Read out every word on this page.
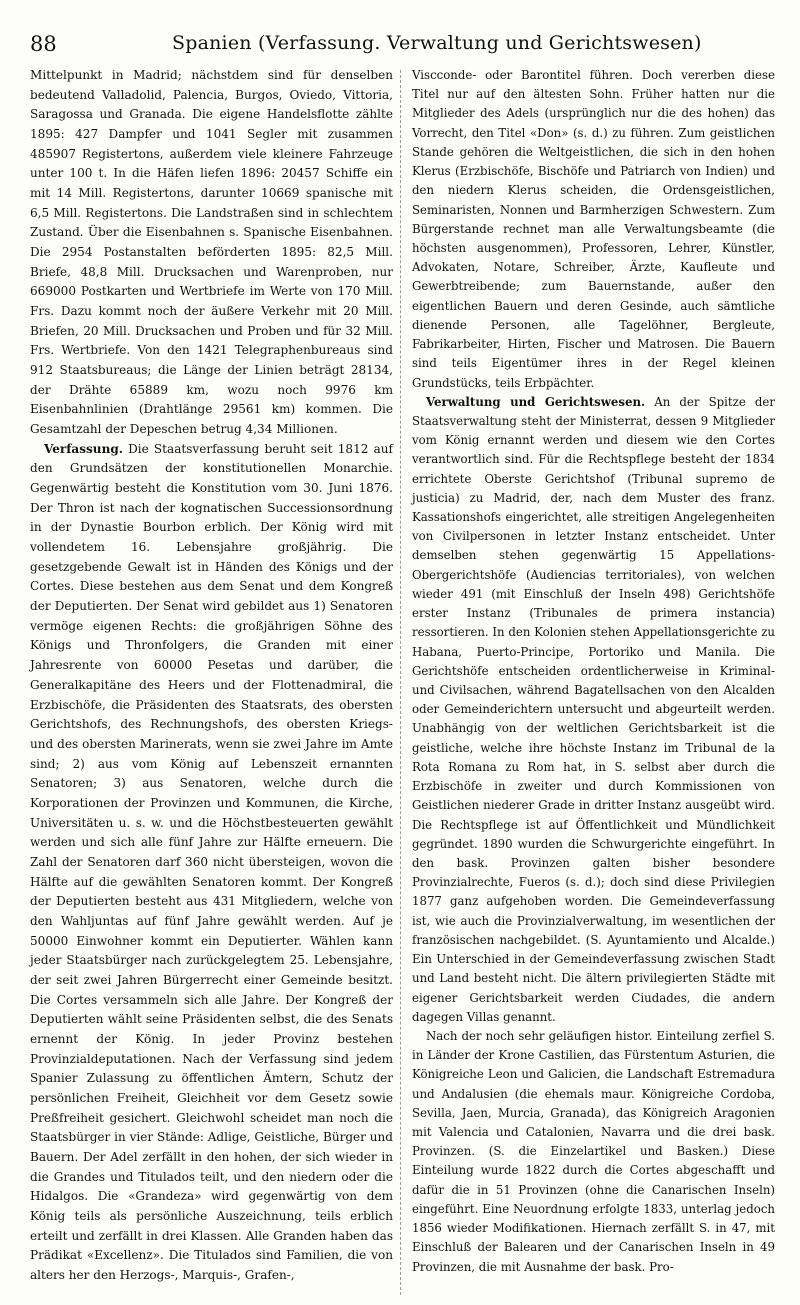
88	Spanien (Verfassung. Verwaltung und Gerichtswesen)

Mittelpunkt in Madrid; nächstdem sind für denselben bedeutend Valladolid, Palencia, Burgos, Oviedo, Vittoria, Saragossa und Granada. Die eigene Handelsflotte zählte 1895: 427 Dampfer und 1041 Segler mit zusammen 485907 Registertons, außerdem viele kleinere Fahrzeuge unter 100 t. In die Häfen liefen 1896: 20457 Schiffe ein mit 14 Mill. Registertons, darunter 10669 spanische mit 6,5 Mill. Registertons. Die Landstraßen sind in schlechtem Zustand. Über die Eisenbahnen s. Spanische Eisenbahnen. Die 2954 Postanstalten beförderten 1895: 82,5 Mill. Briefe, 48,8 Mill. Drucksachen und Warenproben, nur 669000 Postkarten und Wertbriefe im Werte von 170 Mill. Frs. Dazu kommt noch der äußere Verkehr mit 20 Mill. Briefen, 20 Mill. Drucksachen und Proben und für 32 Mill. Frs. Wertbriefe. Von den 1421 Telegraphenbureaus sind 912 Staatsbureaus; die Länge der Linien beträgt 28134, der Drähte 65889 km, wozu noch 9976 km Eisenbahnlinien (Drahtlänge 29561 km) kommen. Die Gesamtzahl der Depeschen betrug 4,34 Millionen.

Verfassung. Die Staatsverfassung beruht seit 1812 auf den Grundsätzen der konstitutionellen Monarchie. Gegenwärtig besteht die Konstitution vom 30. Juni 1876. Der Thron ist nach der kognatischen Successionsordnung in der Dynastie Bourbon erblich. Der König wird mit vollendetem 16. Lebensjahre großjährig. Die gesetzgebende Gewalt ist in Händen des Königs und der Cortes. Diese bestehen aus dem Senat und dem Kongreß der Deputierten. Der Senat wird gebildet aus 1) Senatoren vermöge eigenen Rechts: die großjährigen Söhne des Königs und Thronfolgers, die Granden mit einer Jahresrente von 60000 Pesetas und darüber, die Generalkapitäne des Heers und der Flottenadmiral, die Erzbischöfe, die Präsidenten des Staatsrats, des obersten Gerichtshofs, des Rechnungshofs, des obersten Kriegs- und des obersten Marinerats, wenn sie zwei Jahre im Amte sind; 2) aus vom König auf Lebenszeit ernannten Senatoren; 3) aus Senatoren, welche durch die Korporationen der Provinzen und Kommunen, die Kirche, Universitäten u. s. w. und die Höchstbesteuerten gewählt werden und sich alle fünf Jahre zur Hälfte erneuern. Die Zahl der Senatoren darf 360 nicht übersteigen, wovon die Hälfte auf die gewählten Senatoren kommt. Der Kongreß der Deputierten besteht aus 431 Mitgliedern, welche von den Wahljuntas auf fünf Jahre gewählt werden. Auf je 50000 Einwohner kommt ein Deputierter. Wählen kann jeder Staatsbürger nach zurückgelegtem 25. Lebensjahre, der seit zwei Jahren Bürgerrecht einer Gemeinde besitzt. Die Cortes versammeln sich alle Jahre. Der Kongreß der Deputierten wählt seine Präsidenten selbst, die des Senats ernennt der König. In jeder Provinz bestehen Provinzialdeputationen. Nach der Verfassung sind jedem Spanier Zulassung zu öffentlichen Ämtern, Schutz der persönlichen Freiheit, Gleichheit vor dem Gesetz sowie Preßfreiheit gesichert. Gleichwohl scheidet man noch die Staatsbürger in vier Stände: Adlige, Geistliche, Bürger und Bauern. Der Adel zerfällt in den hohen, der sich wieder in die Grandes und Titulados teilt, und den niedern oder die Hidalgos. Die «Grandeza» wird gegenwärtig von dem König teils als persönliche Auszeichnung, teils erblich erteilt und zerfällt in drei Klassen. Alle Granden haben das Prädikat «Excellenz». Die Titulados sind Familien, die von alters her den Herzogs-, Marquis-, Grafen-,

Viscconde- oder Barontitel führen. Doch vererben diese Titel nur auf den ältesten Sohn. Früher hatten nur die Mitglieder des Adels (ursprünglich nur die des hohen) das Vorrecht, den Titel «Don» (s. d.) zu führen. Zum geistlichen Stande gehören die Weltgeistlichen, die sich in den hohen Klerus (Erzbischöfe, Bischöfe und Patriarch von Indien) und den niedern Klerus scheiden, die Ordensgeistlichen, Seminaristen, Nonnen und Barmherzigen Schwestern. Zum Bürgerstande rechnet man alle Verwaltungsbeamte (die höchsten ausgenommen), Professoren, Lehrer, Künstler, Advokaten, Notare, Schreiber, Ärzte, Kaufleute und Gewerbtreibende; zum Bauernstande, außer den eigentlichen Bauern und deren Gesinde, auch sämtliche dienende Personen, alle Tagelöhner, Bergleute, Fabrikarbeiter, Hirten, Fischer und Matrosen. Die Bauern sind teils Eigentümer ihres in der Regel kleinen Grundstücks, teils Erbpächter.

Verwaltung und Gerichtswesen. An der Spitze der Staatsverwaltung steht der Ministerrat, dessen 9 Mitglieder vom König ernannt werden und diesem wie den Cortes verantwortlich sind. Für die Rechtspflege besteht der 1834 errichtete Oberste Gerichtshof (Tribunal supremo de justicia) zu Madrid, der, nach dem Muster des franz. Kassationshofs eingerichtet, alle streitigen Angelegenheiten von Civilpersonen in letzter Instanz entscheidet. Unter demselben stehen gegenwärtig 15 Appellations-Obergerichtshöfe (Audiencias territoriales), von welchen wieder 491 (mit Einschluß der Inseln 498) Gerichtshöfe erster Instanz (Tribunales de primera instancia) ressortieren. In den Kolonien stehen Appellationsgerichte zu Habana, Puerto-Principe, Portoriko und Manila. Die Gerichtshöfe entscheiden ordentlicherweise in Kriminal- und Civilsachen, während Bagatellsachen von den Alcalden oder Gemeinderichtern untersucht und abgeurteilt werden. Unabhängig von der weltlichen Gerichtsbarkeit ist die geistliche, welche ihre höchste Instanz im Tribunal de la Rota Romana zu Rom hat, in S. selbst aber durch die Erzbischöfe in zweiter und durch Kommissionen von Geistlichen niederer Grade in dritter Instanz ausgeübt wird. Die Rechtspflege ist auf Öffentlichkeit und Mündlichkeit gegründet. 1890 wurden die Schwurgerichte eingeführt. In den bask. Provinzen galten bisher besondere Provinzialrechte, Fueros (s. d.); doch sind diese Privilegien 1877 ganz aufgehoben worden. Die Gemeindeverfassung ist, wie auch die Provinzialverwaltung, im wesentlichen der französischen nachgebildet. (S. Ayuntamiento und Alcalde.) Ein Unterschied in der Gemeindeverfassung zwischen Stadt und Land besteht nicht. Die ältern privilegierten Städte mit eigener Gerichtsbarkeit werden Ciudades, die andern dagegen Villas genannt.

Nach der noch sehr geläufigen histor. Einteilung zerfiel S. in Länder der Krone Castilien, das Fürstentum Asturien, die Königreiche Leon und Galicien, die Landschaft Estremadura und Andalusien (die ehemals maur. Königreiche Cordoba, Sevilla, Jaen, Murcia, Granada), das Königreich Aragonien mit Valencia und Catalonien, Navarra und die drei bask. Provinzen. (S. die Einzelartikel und Basken.) Diese Einteilung wurde 1822 durch die Cortes abgeschafft und dafür die in 51 Provinzen (ohne die Canarischen Inseln) eingeführt. Eine Neuordnung erfolgte 1833, unterlag jedoch 1856 wieder Modifikationen. Hiernach zerfällt S. in 47, mit Einschluß der Balearen und der Canarischen Inseln in 49 Provinzen, die mit Ausnahme der bask. Pro-
